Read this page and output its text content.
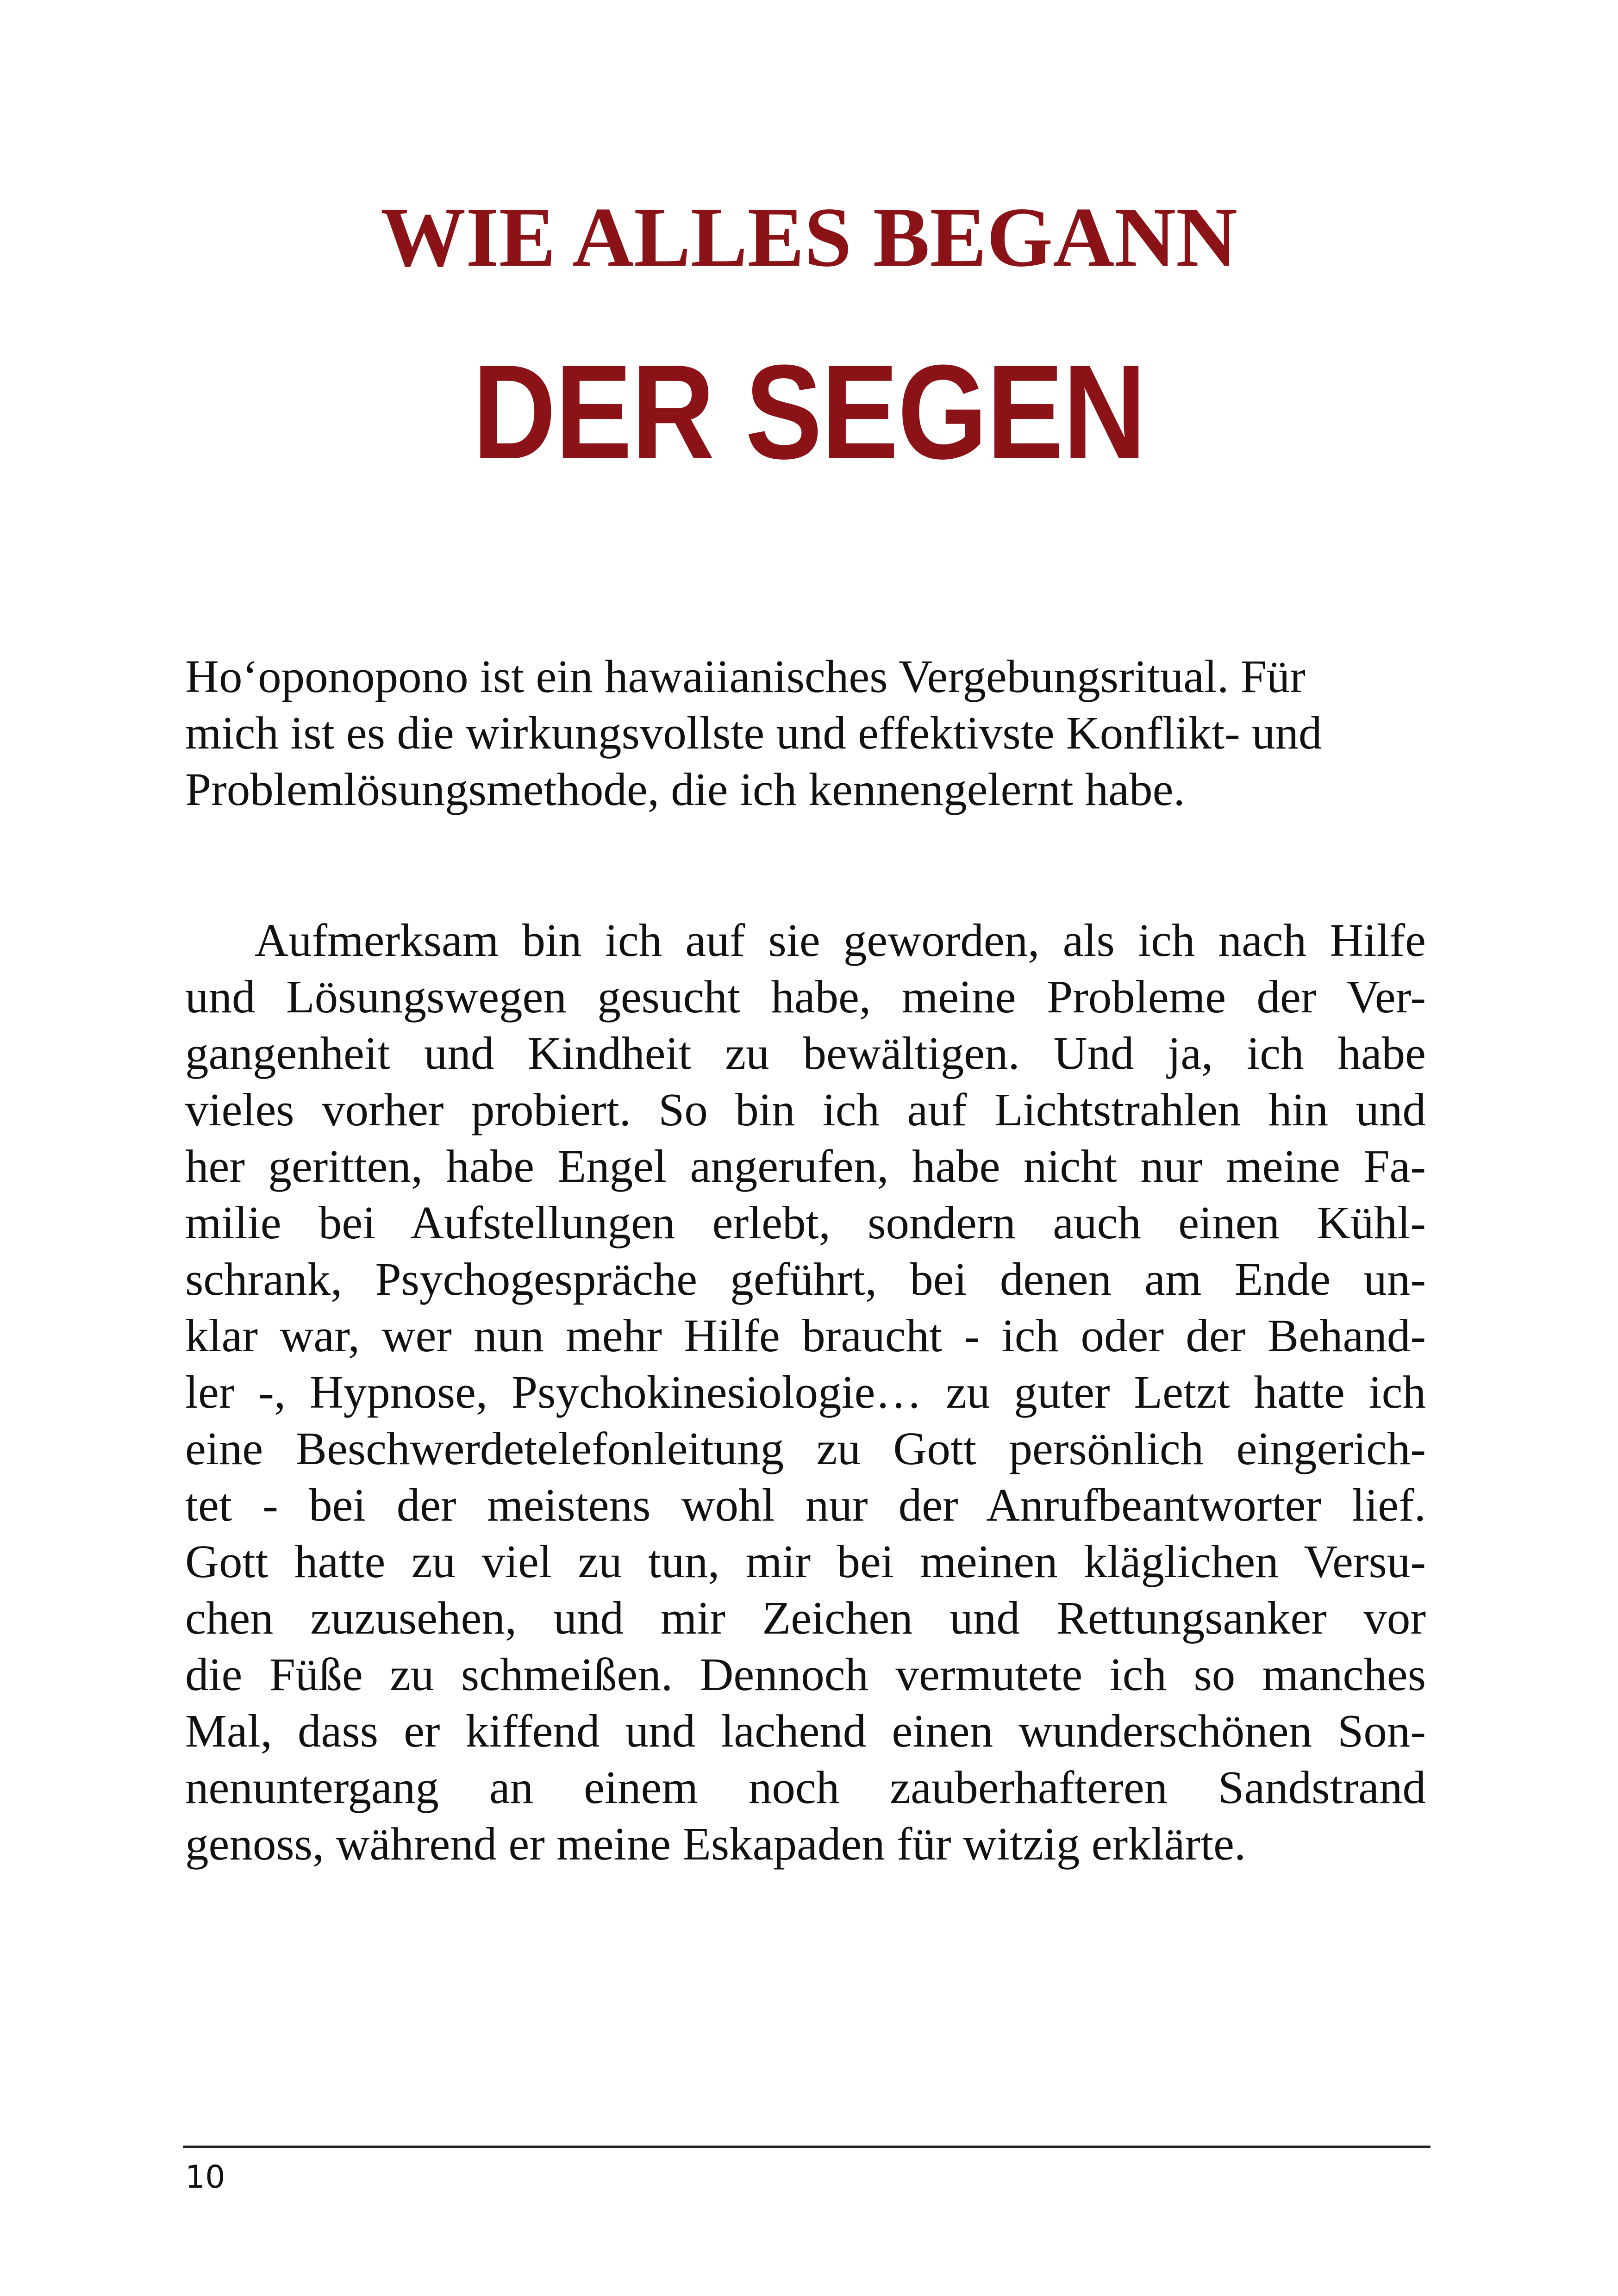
WIE ALLES BEGANN
DER SEGEN

Ho‘oponopono ist ein hawaiianisches Vergebungsritual. Für
mich ist es die wirkungsvollste und effektivste Konflikt- und
Problemlösungsmethode, die ich kennengelernt habe.

Aufmerksam bin ich auf sie geworden, als ich nach Hilfe
und Lösungswegen gesucht habe, meine Probleme der Ver-
gangenheit und Kindheit zu bewältigen. Und ja, ich habe
vieles vorher probiert. So bin ich auf Lichtstrahlen hin und
her geritten, habe Engel angerufen, habe nicht nur meine Fa-
milie bei Aufstellungen erlebt, sondern auch einen Kühl-
schrank, Psychogespräche geführt, bei denen am Ende un-
klar war, wer nun mehr Hilfe braucht - ich oder der Behand-
ler -, Hypnose, Psychokinesiologie… zu guter Letzt hatte ich
eine Beschwerdetelefonleitung zu Gott persönlich eingerich-
tet - bei der meistens wohl nur der Anrufbeantworter lief.
Gott hatte zu viel zu tun, mir bei meinen kläglichen Versu-
chen zuzusehen, und mir Zeichen und Rettungsanker vor
die Füße zu schmeißen. Dennoch vermutete ich so manches
Mal, dass er kiffend und lachend einen wunderschönen Son-
nenuntergang an einem noch zauberhafteren Sandstrand
genoss, während er meine Eskapaden für witzig erklärte.

10
